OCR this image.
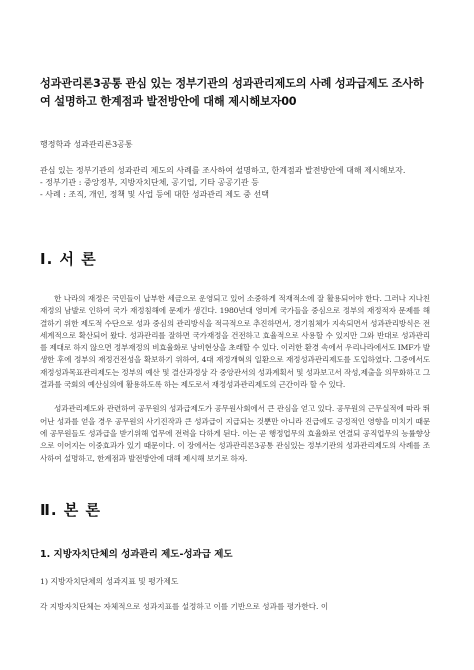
성과관리론3공통 관심 있는 정부기관의 성과관리제도의 사례 성과급제도 조사하여 설명하고 한계점과 발전방안에 대해 제시해보자00
행정학과 성과관리론3공통

관심 있는 정부기관의 성과관리 제도의 사례를 조사하여 설명하고, 한계점과 발전방안에 대해 제시해보자.

- 정부기관 : 중앙정부, 지방자치단체, 공기업, 기타 공공기관 등
- 사례 : 조직, 개인, 정책 및 사업 등에 대한 성과관리 제도 중 선택
Ⅰ. 서 론

한 나라의 재정은 국민들이 납부한 세금으로 운영되고 있어 소중하게 적재적소에 잘 활용되어야 한다. 그러나 지나친 재정의 남발로 인하여 국가 재정침해에 문제가 생긴다. 1980년대 영미계 국가들을 중심으로 정부의 재정적자 문제를 해결하기 위한 제도적 수단으로 성과 중심의 관리방식을 적극적으로 추진하면서, 경기침체가 지속되면서 성과관리방식은 전 세계적으로 확산되어 왔다. 성과관리를 잘하면 국가재정을 건전하고 효율적으로 사용할 수 있지만 그와 반대로 성과관리를 제대로 하지 않으면 정부재정의 비효율화로 낭비현상을 초래할 수 있다. 이러한 환경 속에서 우리나라에서도 IMF가 발생한 후에 정부의 재정건전성을 확보하기 위하여, 4대 재정개혁의 일환으로 재정성과관리제도를 도입하였다. 그중에서도 재정성과목표관리제도는 정부의 예산 및 결산과정상 각 중앙관서의 성과계획서 및 성과보고서 작성,제출을 의무화하고 그 결과를 국회의 예산심의에 활용하도록 하는 제도로서 재정성과관리제도의 근간이라 할 수 있다.

성과관리제도와 관련하여 공무원의 성과급제도가 공무원사회에서 큰 관심을 얻고 있다. 공무원의 근무실적에 따라 뛰어난 성과를 얻을 경우 공무원의 사기진작과 큰 성과급이 지급되는 것뿐만 아니라 진급에도 긍정적인 영향을 미치기 때문에 공무원들도 성과급을 받기위해 업무에 전력을 다하게 된다. 이는 곧 행정업무의 효율화로 연결되 공직업무의 능률향상으로 이어지는 이중효과가 있기 때문이다. 이 장에서는 성과관리론3공통 관심있는 정부기관의 성과관리제도의 사례를 조사하여 설명하고, 한계점과 발전방안에 대해 제시해 보기로 하자.

Ⅱ. 본 론
1. 지방자치단체의 성과관리 제도-성과급 제도
1) 지방자치단체의 성과지표 및 평가제도
각 지방자치단체는 자체적으로 성과지표를 설정하고 이를 기반으로 성과를 평가한다. 이
